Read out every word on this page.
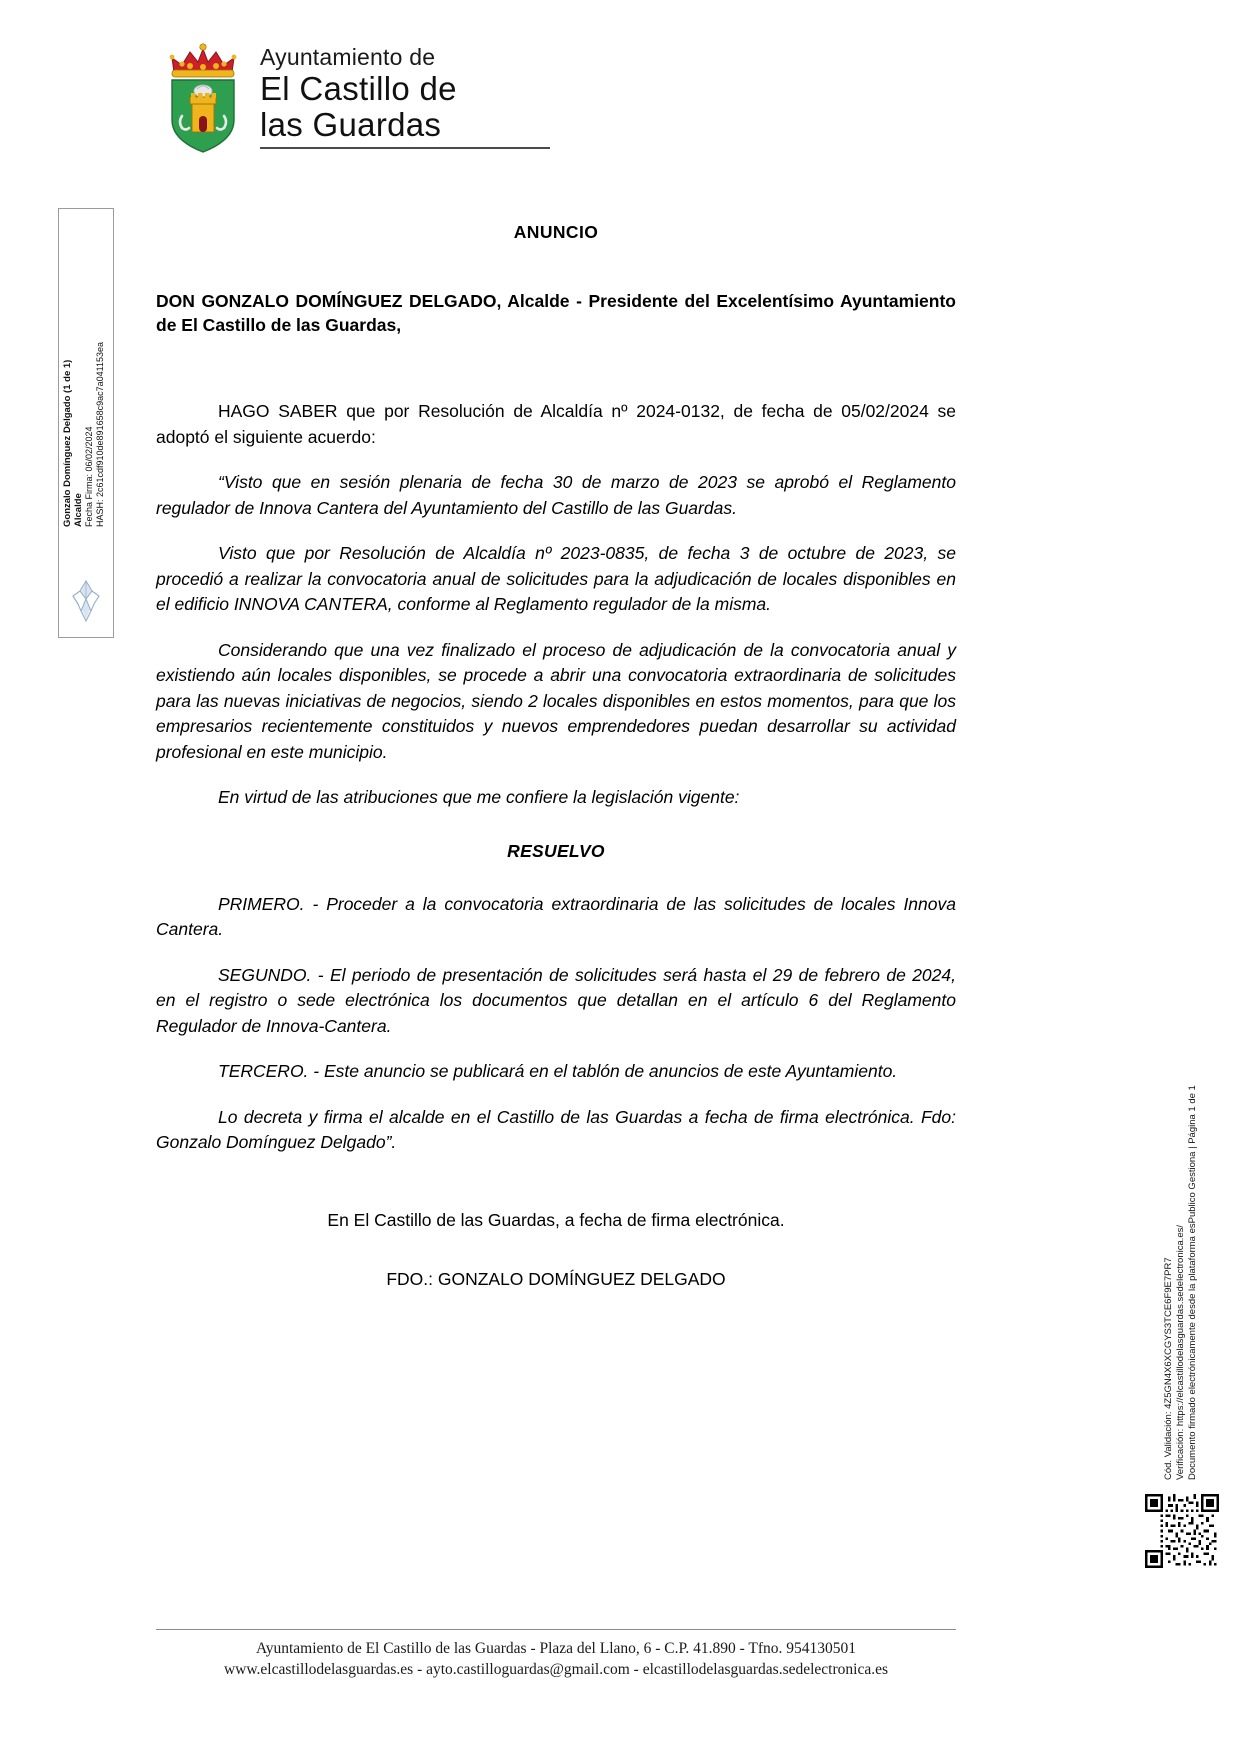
Ayuntamiento de
El Castillo de
las Guardas
Gonzalo Domínguez Delgado (1 de 1) Alcalde Fecha Firma: 06/02/2024 HASH: 2c61cdf910de891658c9ac7a041153ea
ANUNCIO
DON GONZALO DOMÍNGUEZ DELGADO, Alcalde - Presidente del Excelentísimo Ayuntamiento de El Castillo de las Guardas,

HAGO SABER que por Resolución de Alcaldía nº 2024-0132, de fecha de 05/02/2024 se adoptó el siguiente acuerdo:

“Visto que en sesión plenaria de fecha 30 de marzo de 2023 se aprobó el Reglamento regulador de Innova Cantera del Ayuntamiento del Castillo de las Guardas.

Visto que por Resolución de Alcaldía nº 2023-0835, de fecha 3 de octubre de 2023, se procedió a realizar la convocatoria anual de solicitudes para la adjudicación de locales disponibles en el edificio INNOVA CANTERA, conforme al Reglamento regulador de la misma.

Considerando que una vez finalizado el proceso de adjudicación de la convocatoria anual y existiendo aún locales disponibles, se procede a abrir una convocatoria extraordinaria de solicitudes para las nuevas iniciativas de negocios, siendo 2 locales disponibles en estos momentos, para que los empresarios recientemente constituidos y nuevos emprendedores puedan desarrollar su actividad profesional en este municipio.

En virtud de las atribuciones que me confiere la legislación vigente:

RESUELVO

PRIMERO. - Proceder a la convocatoria extraordinaria de las solicitudes de locales Innova Cantera.

SEGUNDO. - El periodo de presentación de solicitudes será hasta el 29 de febrero de 2024, en el registro o sede electrónica los documentos que detallan en el artículo 6 del Reglamento Regulador de Innova-Cantera.

TERCERO. - Este anuncio se publicará en el tablón de anuncios de este Ayuntamiento.

Lo decreta y firma el alcalde en el Castillo de las Guardas a fecha de firma electrónica. Fdo: Gonzalo Domínguez Delgado”.

En El Castillo de las Guardas, a fecha de firma electrónica.

FDO.: GONZALO DOMÍNGUEZ DELGADO	Cód. Validación: 4Z5GN4X6XCGYS3TCE6F9E7PR7 Verificación: https://elcastillodelasguardas.sedelectronica.es/ Documento firmado electrónicamente desde la plataforma esPublico Gestiona | Página 1 de 1
Ayuntamiento de El Castillo de las Guardas - Plaza del Llano, 6 - C.P. 41.890 - Tfno. 954130501
www.elcastillodelasguardas.es - ayto.castilloguardas@gmail.com - elcastillodelasguardas.sedelectronica.es
